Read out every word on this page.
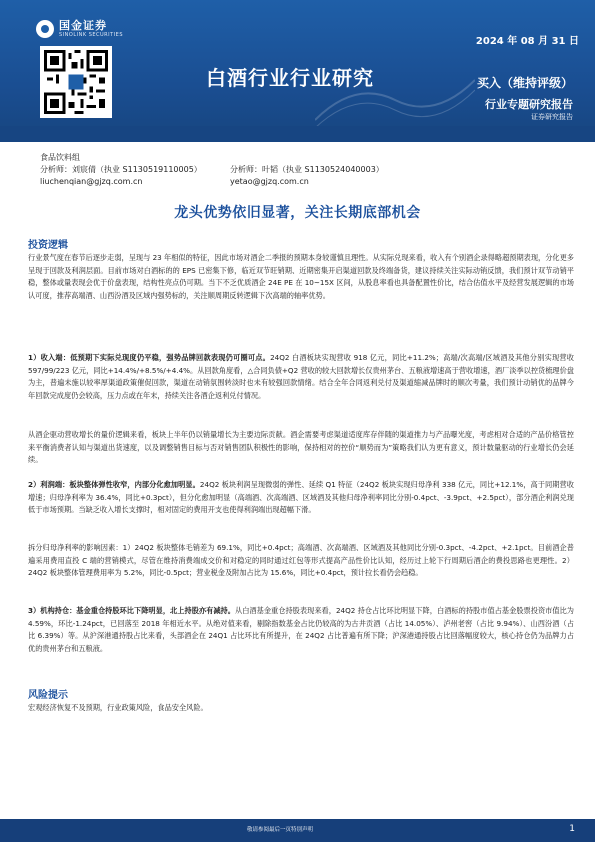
国金证券
SINOLINK SECURITIES
2024 年 08 月 31 日
白酒行业行业研究	买入（维持评级）
行业专题研究报告
证券研究报告
食品饮料组
分析师：刘宸倩（执业 S1130519110005）	分析师：叶韬（执业 S1130524040003）
liuchenqian@gjzq.com.cn	yetao@gjzq.com.cn
龙头优势依旧显著，关注长期底部机会
投资逻辑

行业景气度在春节后逐步走弱，呈现与 23 年相似的特征，因此市场对酒企二季报的预期本身较谨慎且理性。从实际兑现来看，收入有个别酒企录得略超预期表现，分化更多呈现于回款及利润层面。目前市场对白酒标的的 EPS 已密集下修，临近双节旺销期、近期密集开启渠道回款及终端备货，建议持续关注实际动销反馈，我们预计双节动销平稳，整体或量表现会优于价盘表现，结构性亮点仍可期。当下不乏优质酒企 24E PE 在 10~15X 区间，从股息率看也具备配置性价比，结合估值水平及经营发展逻辑的市场认可度，推荐高端酒、山西汾酒及区域内强势标的，关注顺周期反转逻辑下次高端的轴率优势。

1）收入端：低预期下实际兑现度仍平稳，强势品牌回款表现仍可圈可点。24Q2 白酒板块实现营收 918 亿元，同比+11.2%；高端/次高端/区域酒及其他分别实现营收 597/99/223 亿元，同比+14.4%/+8.5%/+4.4%。从回款角度看，△合同负债+Q2 营收的较大回款增长仅贵州茅台、五粮液增速高于营收增速，酒厂淡季以控货梳理价盘为主，普遍未施以较率厚渠道政策催促回款，渠道在动销氛围转淡时也未有较强回款情绪。结合全年合同返利兑付及渠道缩减品牌时的顺次考量，我们预计动销优的品牌今年回款完成度仍会较高，压力点或在年末，持续关注各酒企返利兑付情况。

从酒企驱动营收增长的量价逻辑来看，板块上半年仍以销量增长为主要边际贡献。酒企需要考虑渠道适度库存伴随的渠道推力与产品曝光度，考虑相对合适的产品价格管控来平衡消费者认知与渠道出货速度，以及调整销售目标与否对销售团队积极性的影响，保持相对的控价“顺势而为”策略我们认为更有意义，预计数量驱动的行业增长仍会延续。

2）利润端：板块整体弹性收窄，内部分化愈加明显。24Q2 板块利润呈现微弱的弹性、延续 Q1 特征（24Q2 板块实现归母净利 338 亿元，同比+12.1%，高于同期营收增速；归母净利率为 36.4%，同比+0.3pct），但分化愈加明显（高端酒、次高端酒、区域酒及其他归母净利率同比分别-0.4pct、-3.9pct、+2.5pct），部分酒企利润兑现低于市场预期。当缺乏收入增长支撑时，相对固定的费用开支也使得利润端出现超幅下滑。

拆分归母净利率的影响因素：1）24Q2 板块整体毛销差为 69.1%，同比+0.4pct；高端酒、次高端酒、区域酒及其他同比分别-0.3pct、-4.2pct、+2.1pct。目前酒企普遍采用费用直投 C 端的营销模式，尽管在维持消费端成交价和对稳定的同时通过红包等形式提高产品性价比认知，经历过上轮下行周期后酒企的费投思路也更理性。2）24Q2 板块整体管理费用率为 5.2%，同比-0.5pct；营业税金及附加占比为 15.6%，同比+0.4pct，预计拉长看仍会趋稳。

3）机构持仓：基金重仓持股环比下降明显，北上持股亦有减持。从白酒基金重仓持股表现来看，24Q2 持仓占比环比明显下降，白酒标的持股市值占基金股票投资市值比为 4.59%，环比-1.24pct，已回落至 2018 年相近水平。从绝对值来看，剔除指数基金占比仍较高的为古井贡酒（占比 14.05%）、泸州老窖（占比 9.94%）、山西汾酒（占比 6.39%）等。从沪深港通持股占比来看，头部酒企在 24Q1 占比环比有所提升，在 24Q2 占比普遍有所下降；沪深港通持股占比回落幅度较大，核心持仓仍为品牌力占优的贵州茅台和五粮液。

风险提示

宏观经济恢复不及预期，行业政策风险，食品安全风险。

敬请参阅最后一页特别声明	1
